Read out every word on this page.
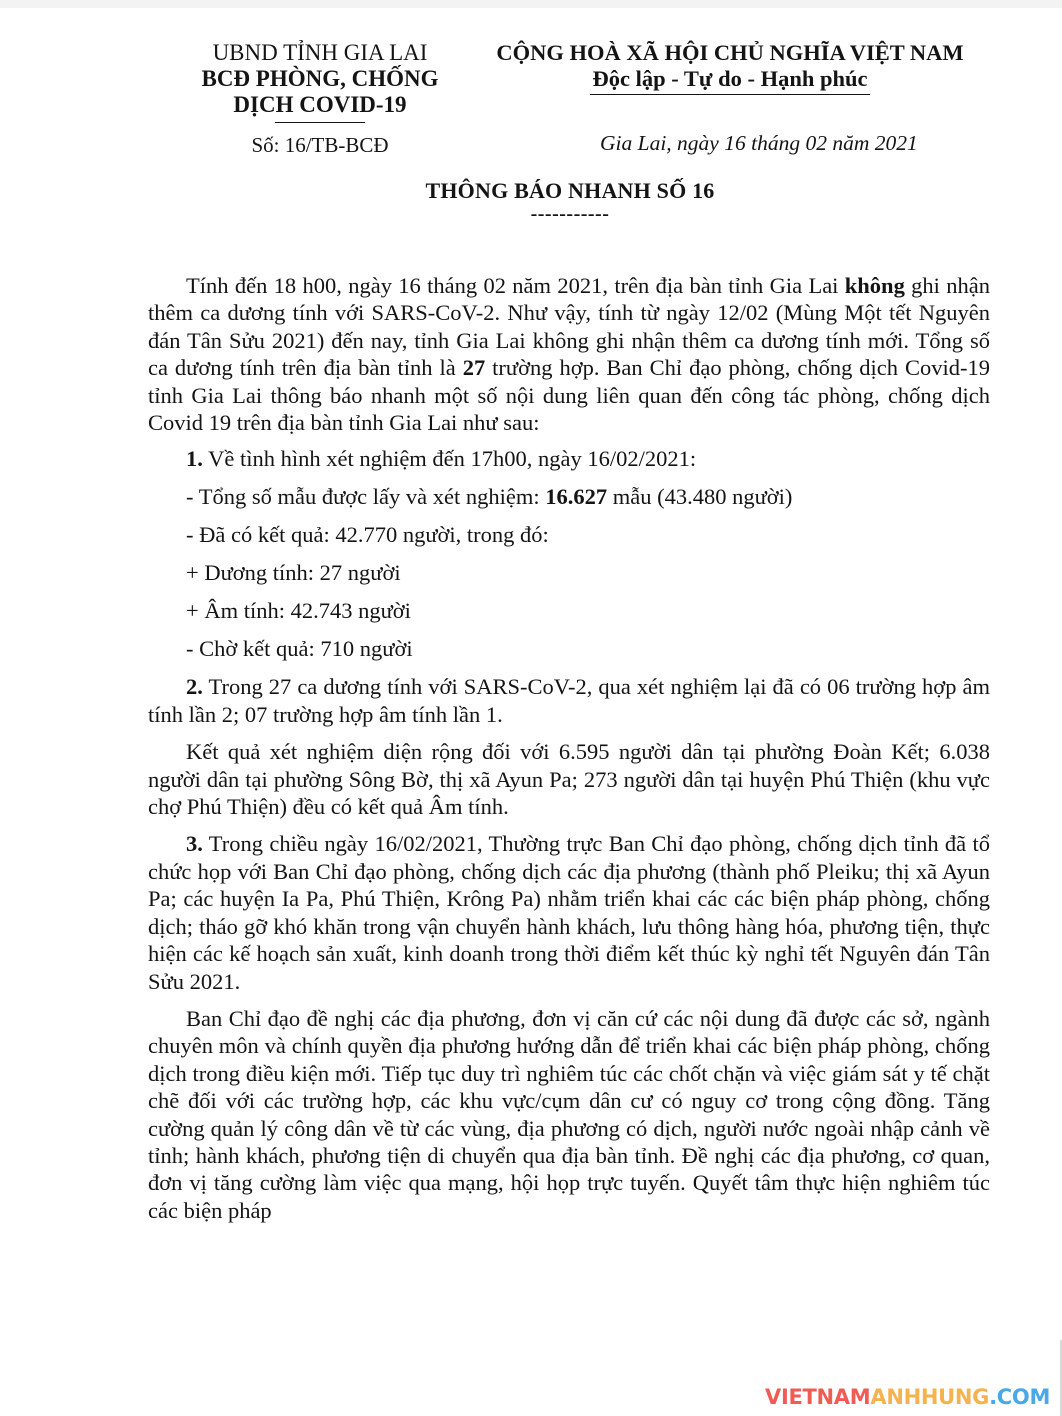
UBND TỈNH GIA LAI
BCĐ PHÒNG, CHỐNG
DỊCH COVID-19
Số: 16/TB-BCĐ
CỘNG HOÀ XÃ HỘI CHỦ NGHĨA VIỆT NAM
Độc lập - Tự do - Hạnh phúc
Gia Lai, ngày 16 tháng 02 năm 2021
THÔNG BÁO NHANH SỐ 16
-----------

Tính đến 18 h00, ngày 16 tháng 02 năm 2021, trên địa bàn tỉnh Gia Lai không ghi nhận thêm ca dương tính với SARS-CoV-2. Như vậy, tính từ ngày 12/02 (Mùng Một tết Nguyên đán Tân Sửu 2021) đến nay, tỉnh Gia Lai không ghi nhận thêm ca dương tính mới. Tổng số ca dương tính trên địa bàn tỉnh là 27 trường hợp. Ban Chỉ đạo phòng, chống dịch Covid-19 tỉnh Gia Lai thông báo nhanh một số nội dung liên quan đến công tác phòng, chống dịch Covid 19 trên địa bàn tỉnh Gia Lai như sau:

1. Về tình hình xét nghiệm đến 17h00, ngày 16/02/2021:

- Tổng số mẫu được lấy và xét nghiệm: 16.627 mẫu (43.480 người)

- Đã có kết quả: 42.770 người, trong đó:

+ Dương tính: 27 người

+ Âm tính: 42.743 người

- Chờ kết quả: 710 người

2. Trong 27 ca dương tính với SARS-CoV-2, qua xét nghiệm lại đã có 06 trường hợp âm tính lần 2; 07 trường hợp âm tính lần 1.

Kết quả xét nghiệm diện rộng đối với 6.595 người dân tại phường Đoàn Kết; 6.038 người dân tại phường Sông Bờ, thị xã Ayun Pa; 273 người dân tại huyện Phú Thiện (khu vực chợ Phú Thiện) đều có kết quả Âm tính.

3. Trong chiều ngày 16/02/2021, Thường trực Ban Chỉ đạo phòng, chống dịch tỉnh đã tổ chức họp với Ban Chỉ đạo phòng, chống dịch các địa phương (thành phố Pleiku; thị xã Ayun Pa; các huyện Ia Pa, Phú Thiện, Krông Pa) nhằm triển khai các các biện pháp phòng, chống dịch; tháo gỡ khó khăn trong vận chuyển hành khách, lưu thông hàng hóa, phương tiện, thực hiện các kế hoạch sản xuất, kinh doanh trong thời điểm kết thúc kỳ nghỉ tết Nguyên đán Tân Sửu 2021.

Ban Chỉ đạo đề nghị các địa phương, đơn vị căn cứ các nội dung đã được các sở, ngành chuyên môn và chính quyền địa phương hướng dẫn để triển khai các biện pháp phòng, chống dịch trong điều kiện mới. Tiếp tục duy trì nghiêm túc các chốt chặn và việc giám sát y tế chặt chẽ đối với các trường hợp, các khu vực/cụm dân cư có nguy cơ trong cộng đồng. Tăng cường quản lý công dân về từ các vùng, địa phương có dịch, người nước ngoài nhập cảnh về tỉnh; hành khách, phương tiện di chuyển qua địa bàn tỉnh. Đề nghị các địa phương, cơ quan, đơn vị tăng cường làm việc qua mạng, hội họp trực tuyến. Quyết tâm thực hiện nghiêm túc các biện pháp

VIETNAMANHHUNG.COM
